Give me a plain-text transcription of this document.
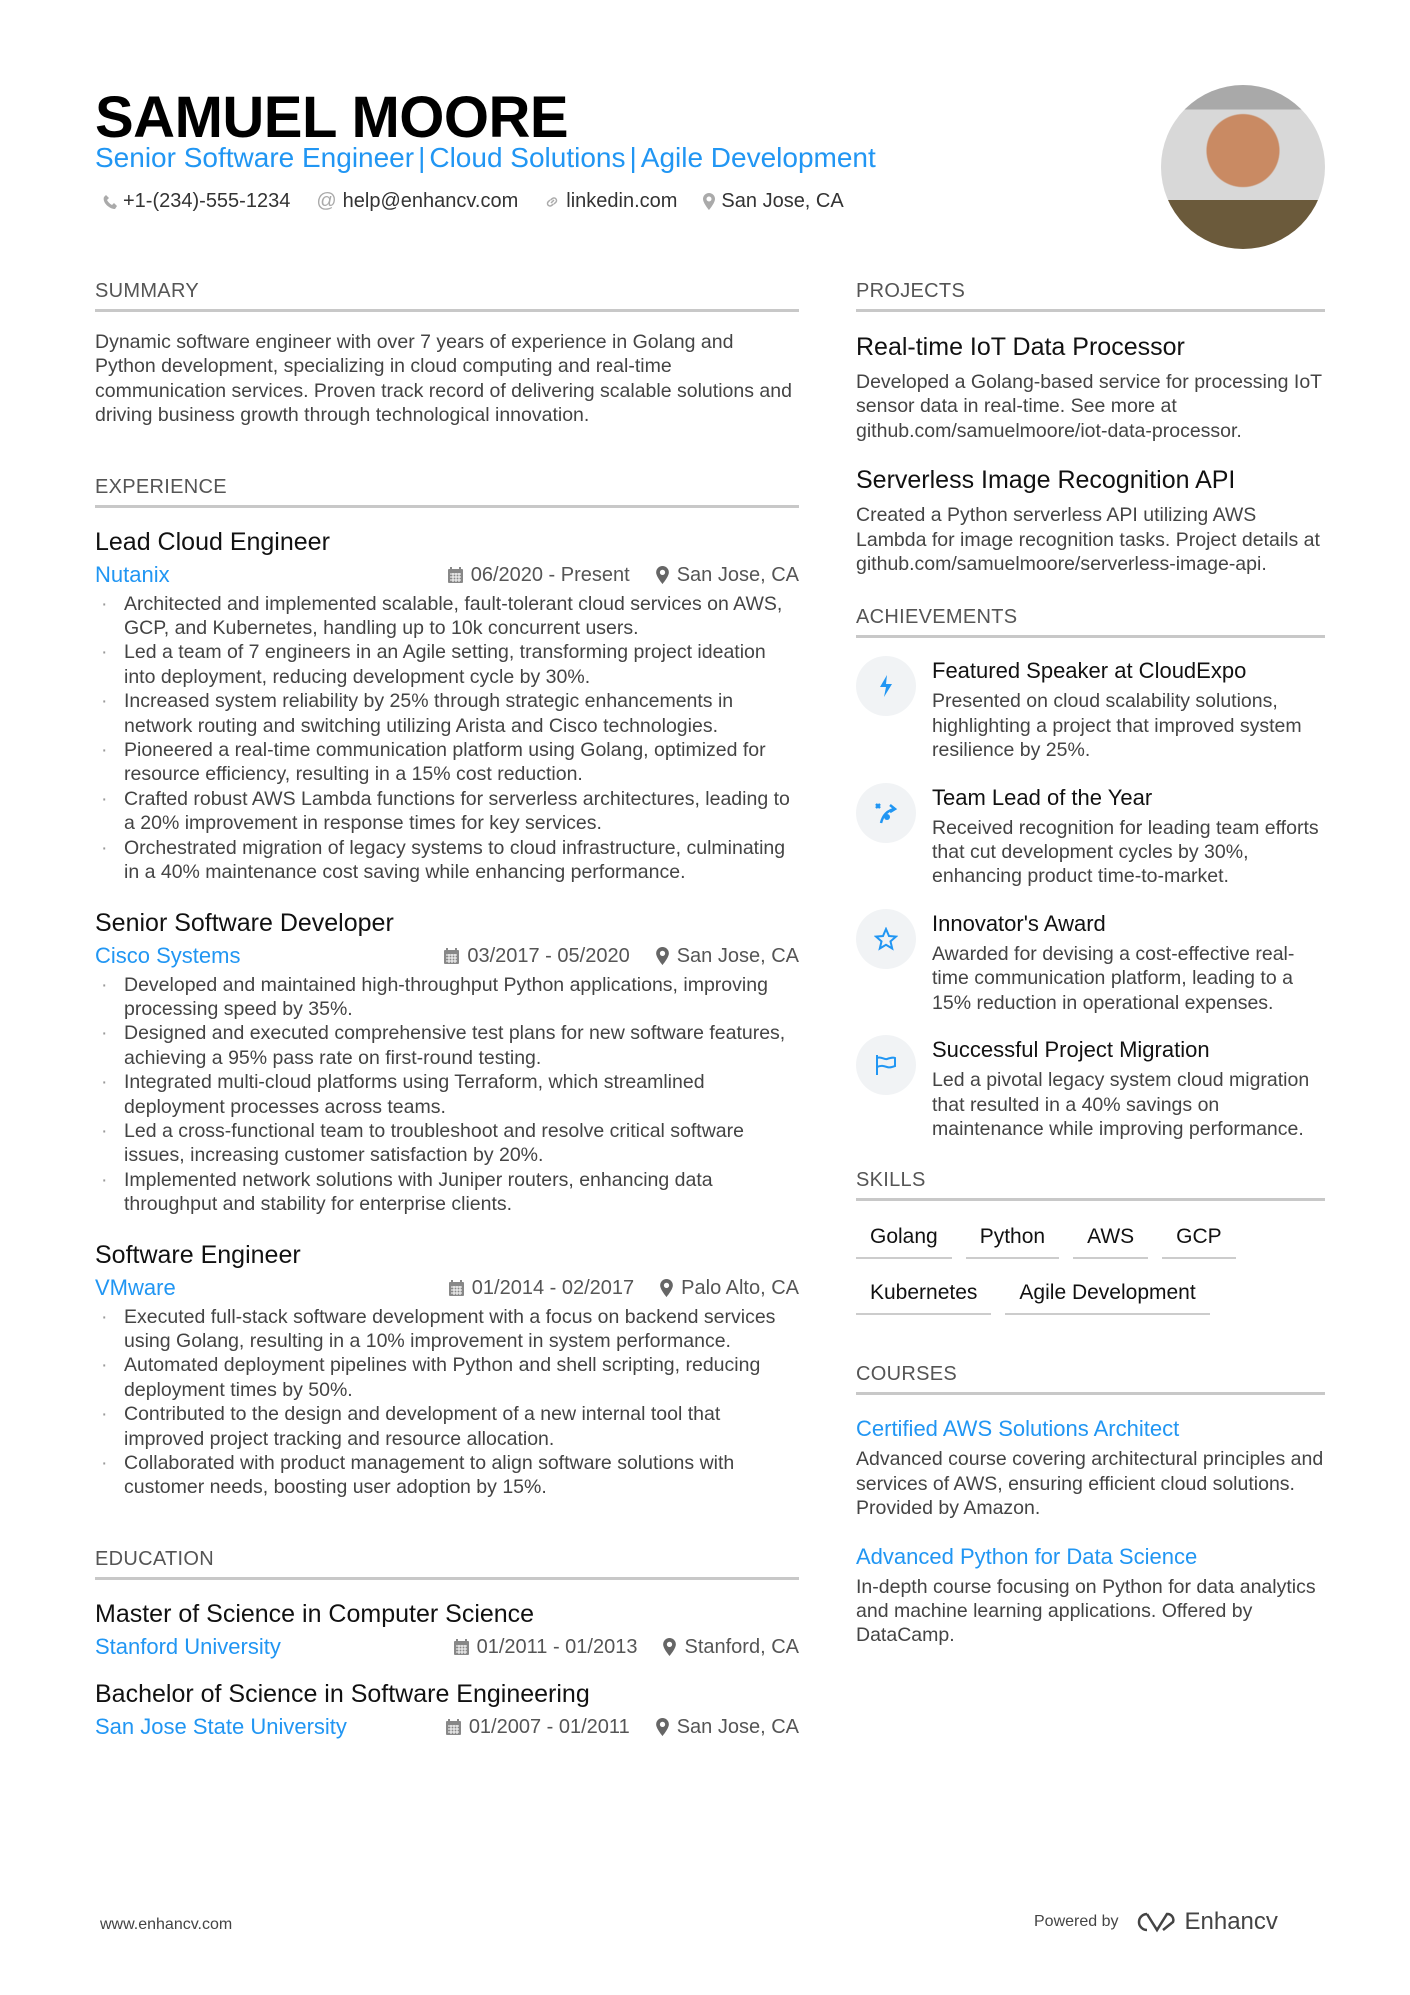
SAMUEL MOORE
Senior Software Engineer | Cloud Solutions | Agile Development
+1-(234)-555-1234 @ help@enhancv.com linkedin.com San Jose, CA
SUMMARY
Dynamic software engineer with over 7 years of experience in Golang and Python development, specializing in cloud computing and real-time communication services. Proven track record of delivering scalable solutions and driving business growth through technological innovation.
EXPERIENCE
Lead Cloud Engineer
Nutanix	06/2020 - Present San Jose, CA
· Architected and implemented scalable, fault-tolerant cloud services on AWS, GCP, and Kubernetes, handling up to 10k concurrent users.
· Led a team of 7 engineers in an Agile setting, transforming project ideation into deployment, reducing development cycle by 30%.
· Increased system reliability by 25% through strategic enhancements in network routing and switching utilizing Arista and Cisco technologies.
· Pioneered a real-time communication platform using Golang, optimized for resource efficiency, resulting in a 15% cost reduction.
· Crafted robust AWS Lambda functions for serverless architectures, leading to a 20% improvement in response times for key services.
· Orchestrated migration of legacy systems to cloud infrastructure, culminating in a 40% maintenance cost saving while enhancing performance.
Senior Software Developer
Cisco Systems	03/2017 - 05/2020 San Jose, CA
· Developed and maintained high-throughput Python applications, improving processing speed by 35%.
· Designed and executed comprehensive test plans for new software features, achieving a 95% pass rate on first-round testing.
· Integrated multi-cloud platforms using Terraform, which streamlined deployment processes across teams.
· Led a cross-functional team to troubleshoot and resolve critical software issues, increasing customer satisfaction by 20%.
· Implemented network solutions with Juniper routers, enhancing data throughput and stability for enterprise clients.
Software Engineer
VMware	01/2014 - 02/2017 Palo Alto, CA
· Executed full-stack software development with a focus on backend services using Golang, resulting in a 10% improvement in system performance.
· Automated deployment pipelines with Python and shell scripting, reducing deployment times by 50%.
· Contributed to the design and development of a new internal tool that improved project tracking and resource allocation.
· Collaborated with product management to align software solutions with customer needs, boosting user adoption by 15%.
EDUCATION
Master of Science in Computer Science
Stanford University	01/2011 - 01/2013 Stanford, CA
Bachelor of Science in Software Engineering
San Jose State University	01/2007 - 01/2011 San Jose, CA
PROJECTS
Real-time IoT Data Processor
Developed a Golang-based service for processing IoT sensor data in real-time. See more at github.com/samuelmoore/iot-data-processor.
Serverless Image Recognition API
Created a Python serverless API utilizing AWS Lambda for image recognition tasks. Project details at github.com/samuelmoore/serverless-image-api.
ACHIEVEMENTS
Featured Speaker at CloudExpo
Presented on cloud scalability solutions, highlighting a project that improved system resilience by 25%.
Team Lead of the Year
Received recognition for leading team efforts that cut development cycles by 30%, enhancing product time-to-market.
Innovator's Award
Awarded for devising a cost-effective real-time communication platform, leading to a 15% reduction in operational expenses.
Successful Project Migration
Led a pivotal legacy system cloud migration that resulted in a 40% savings on maintenance while improving performance.
SKILLS
Golang	Python	AWS	GCP
Kubernetes	Agile Development
COURSES
Certified AWS Solutions Architect
Advanced course covering architectural principles and services of AWS, ensuring efficient cloud solutions. Provided by Amazon.
Advanced Python for Data Science
In-depth course focusing on Python for data analytics and machine learning applications. Offered by DataCamp.
www.enhancv.com	Powered by	Enhancv
